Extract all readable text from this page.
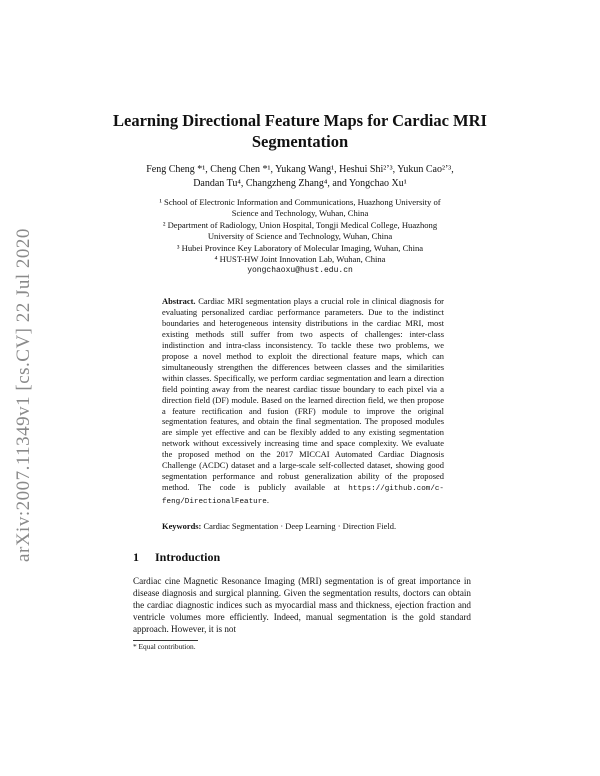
arXiv:2007.11349v1 [cs.CV] 22 Jul 2020
Learning Directional Feature Maps for Cardiac MRI Segmentation
Feng Cheng *¹, Cheng Chen *¹, Yukang Wang¹, Heshui Shi²ʼ³, Yukun Cao²ʼ³,
Dandan Tu⁴, Changzheng Zhang⁴, and Yongchao Xu¹
¹ School of Electronic Information and Communications, Huazhong University of Science and Technology, Wuhan, China
² Department of Radiology, Union Hospital, Tongji Medical College, Huazhong University of Science and Technology, Wuhan, China
³ Hubei Province Key Laboratory of Molecular Imaging, Wuhan, China
⁴ HUST-HW Joint Innovation Lab, Wuhan, China
yongchaoxu@hust.edu.cn

Abstract. Cardiac MRI segmentation plays a crucial role in clinical diagnosis for evaluating personalized cardiac performance parameters. Due to the indistinct boundaries and heterogeneous intensity distributions in the cardiac MRI, most existing methods still suffer from two aspects of challenges: inter-class indistinction and intra-class inconsistency. To tackle these two problems, we propose a novel method to exploit the directional feature maps, which can simultaneously strengthen the differences between classes and the similarities within classes. Specifically, we perform cardiac segmentation and learn a direction field pointing away from the nearest cardiac tissue boundary to each pixel via a direction field (DF) module. Based on the learned direction field, we then propose a feature rectification and fusion (FRF) module to improve the original segmentation features, and obtain the final segmentation. The proposed modules are simple yet effective and can be flexibly added to any existing segmentation network without excessively increasing time and space complexity. We evaluate the proposed method on the 2017 MICCAI Automated Cardiac Diagnosis Challenge (ACDC) dataset and a large-scale self-collected dataset, showing good segmentation performance and robust generalization ability of the proposed method. The code is publicly available at https://github.com/c-feng/DirectionalFeature.

Keywords: Cardiac Segmentation · Deep Learning · Direction Field.

1 Introduction

Cardiac cine Magnetic Resonance Imaging (MRI) segmentation is of great importance in disease diagnosis and surgical planning. Given the segmentation results, doctors can obtain the cardiac diagnostic indices such as myocardial mass and thickness, ejection fraction and ventricle volumes more efficiently. Indeed, manual segmentation is the gold standard approach. However, it is not

* Equal contribution.
